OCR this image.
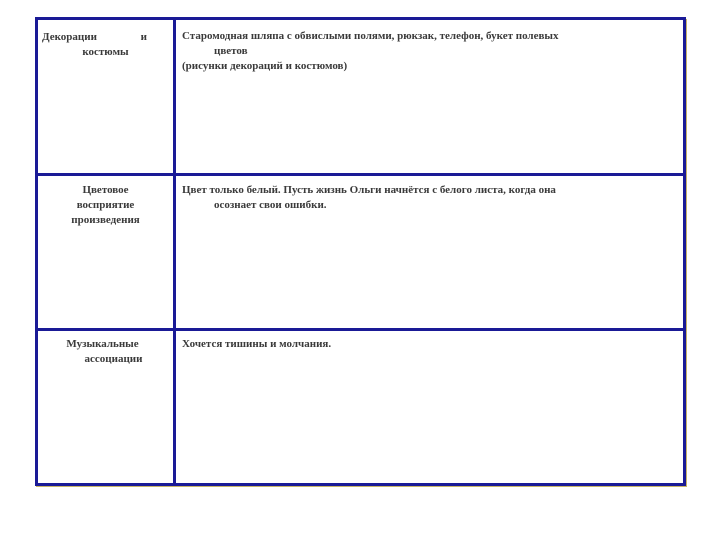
Декорации и
костюмы	Старомодная шляпа с обвислыми полями, рюкзак, телефон, букет полевых
цветов
(рисунки декораций и костюмов)

Цветовое
восприятие
произведения	Цвет только белый. Пусть жизнь Ольги начнётся с белого листа, когда она
осознает свои ошибки.

Музыкальные
ассоциации	Хочется тишины и молчания.
